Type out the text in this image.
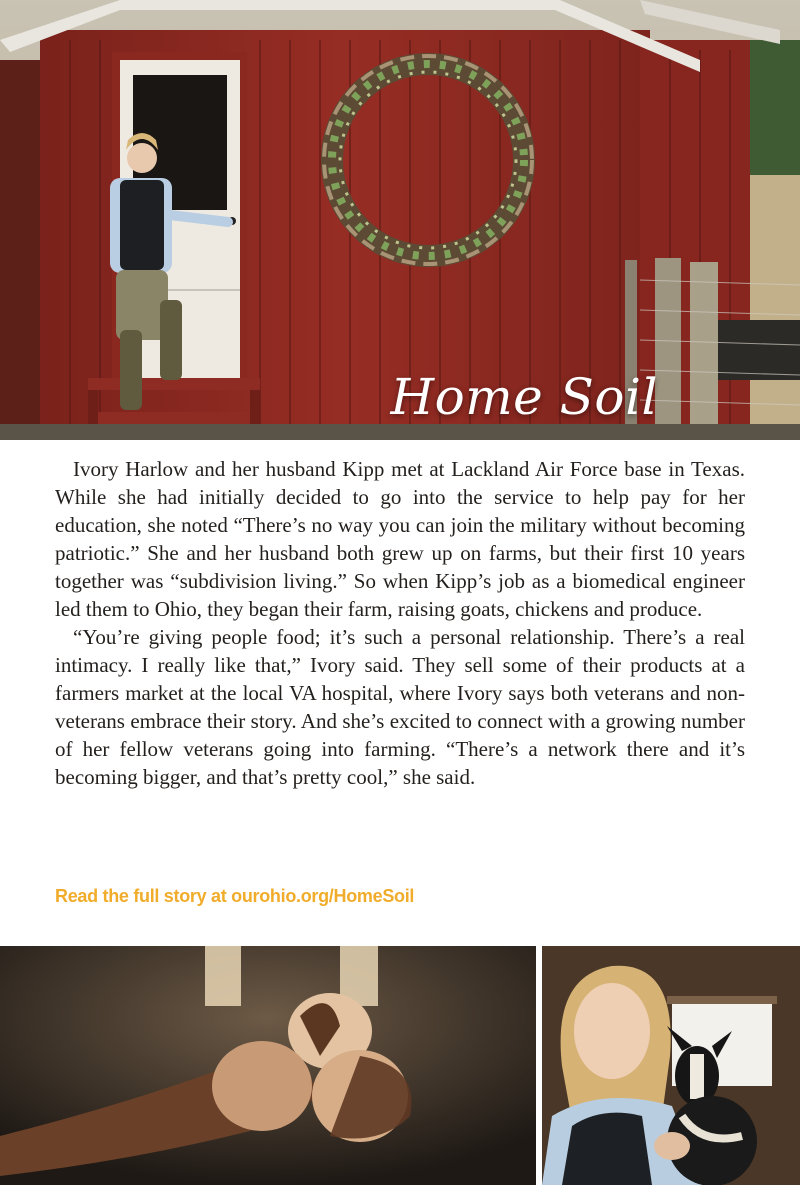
Home Soil

Ivory Harlow and her husband Kipp met at Lackland Air Force base in Texas. While she had initially decided to go into the service to help pay for her education, she noted “There’s no way you can join the military without becoming patriotic.” She and her husband both grew up on farms, but their first 10 years together was “subdivision living.” So when Kipp’s job as a biomedical engineer led them to Ohio, they began their farm, raising goats, chickens and produce.

“You’re giving people food; it’s such a personal relationship. There’s a real intimacy. I really like that,” Ivory said. They sell some of their products at a farmers market at the local VA hospital, where Ivory says both veterans and non-veterans embrace their story. And she’s excited to connect with a growing number of her fellow veterans going into farming. “There’s a network there and it’s becoming bigger, and that’s pretty cool,” she said.

Read the full story at ourohio.org/HomeSoil
